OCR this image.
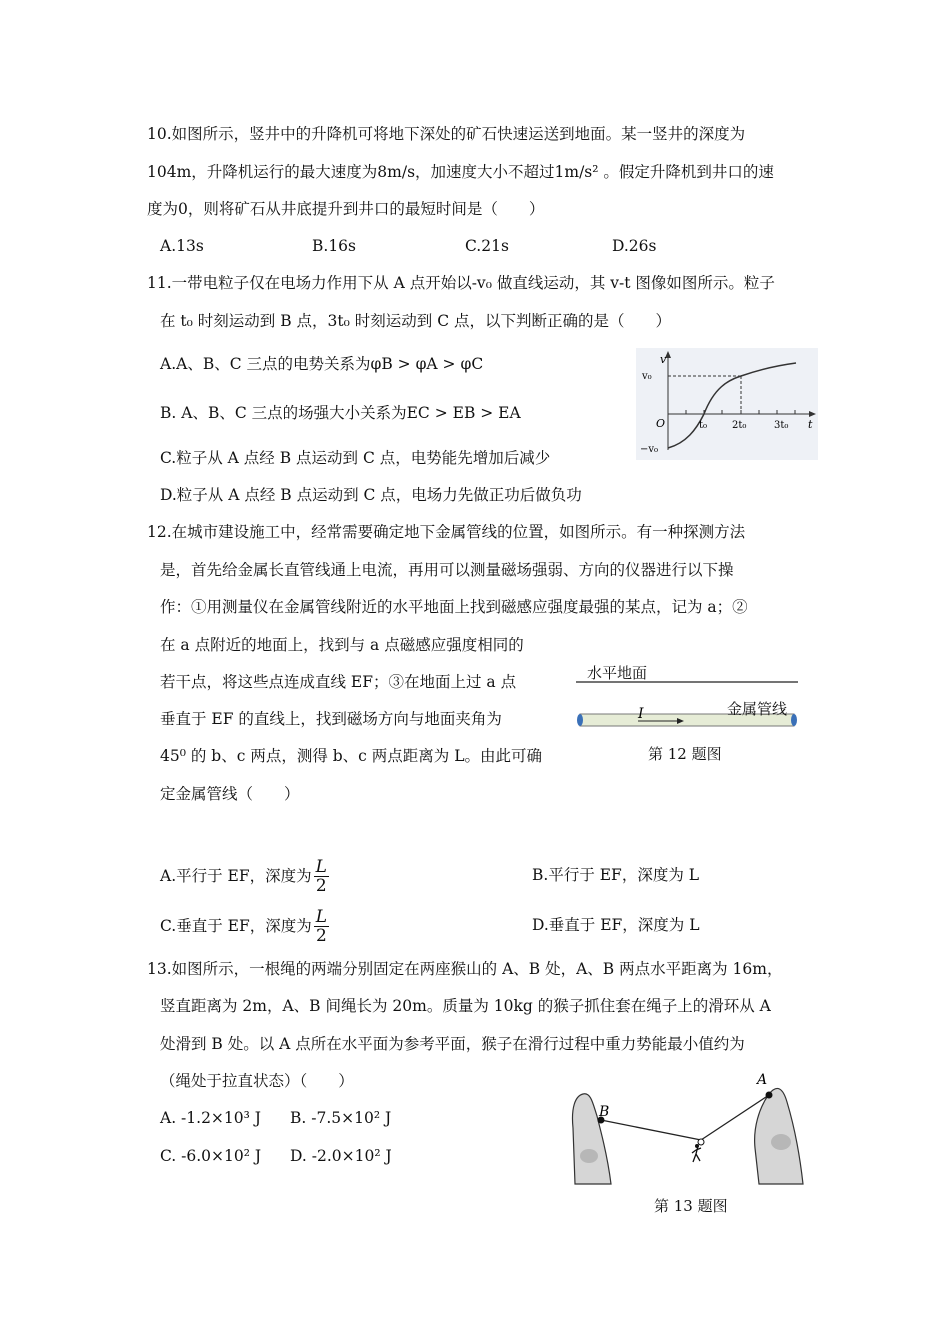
10.如图所示，竖井中的升降机可将地下深处的矿石快速运送到地面。某一竖井的深度为
104m，升降机运行的最大速度为8m/s，加速度大小不超过1m/s² 。假定升降机到井口的速
度为0，则将矿石从井底提升到井口的最短时间是（　　）
A.13s	B.16s	C.21s	D.26s
11.一带电粒子仅在电场力作用下从 A 点开始以-v₀ 做直线运动，其 v-t 图像如图所示。粒子
在 t₀ 时刻运动到 B 点，3t₀ 时刻运动到 C 点，以下判断正确的是（　　）
A.A、B、C 三点的电势关系为φB > φA > φC
B. A、B、C 三点的场强大小关系为EC > EB > EA
C.粒子从 A 点经 B 点运动到 C 点，电势能先增加后减少
D.粒子从 A 点经 B 点运动到 C 点，电场力先做正功后做负功
v
v₀
O
−v₀
t₀ 2t₀	3t₀ t
12.在城市建设施工中，经常需要确定地下金属管线的位置，如图所示。有一种探测方法
是，首先给金属长直管线通上电流，再用可以测量磁场强弱、方向的仪器进行以下操
作：①用测量仪在金属管线附近的水平地面上找到磁感应强度最强的某点，记为 a；②
在 a 点附近的地面上，找到与 a 点磁感应强度相同的
若干点，将这些点连成直线 EF；③在地面上过 a 点
垂直于 EF 的直线上，找到磁场方向与地面夹角为
45⁰ 的 b、c 两点，测得 b、c 两点距离为 L。由此可确
定金属管线（　　）
水平地面
I	金属管线
第 12 题图
A.平行于 EF，深度为 $\frac{L}{2}$	B.平行于 EF，深度为 L
C.垂直于 EF，深度为 $\frac{L}{2}$	D.垂直于 EF，深度为 L
13.如图所示，一根绳的两端分别固定在两座猴山的 A、B 处，A、B 两点水平距离为 16m，
竖直距离为 2m，A、B 间绳长为 20m。质量为 10kg 的猴子抓住套在绳子上的滑环从 A
处滑到 B 处。以 A 点所在水平面为参考平面，猴子在滑行过程中重力势能最小值约为
（绳处于拉直状态）（　　）
A. -1.2×10³ J B. -7.5×10² J
C. -6.0×10² J D. -2.0×10² J
B
A
第 13 题图
